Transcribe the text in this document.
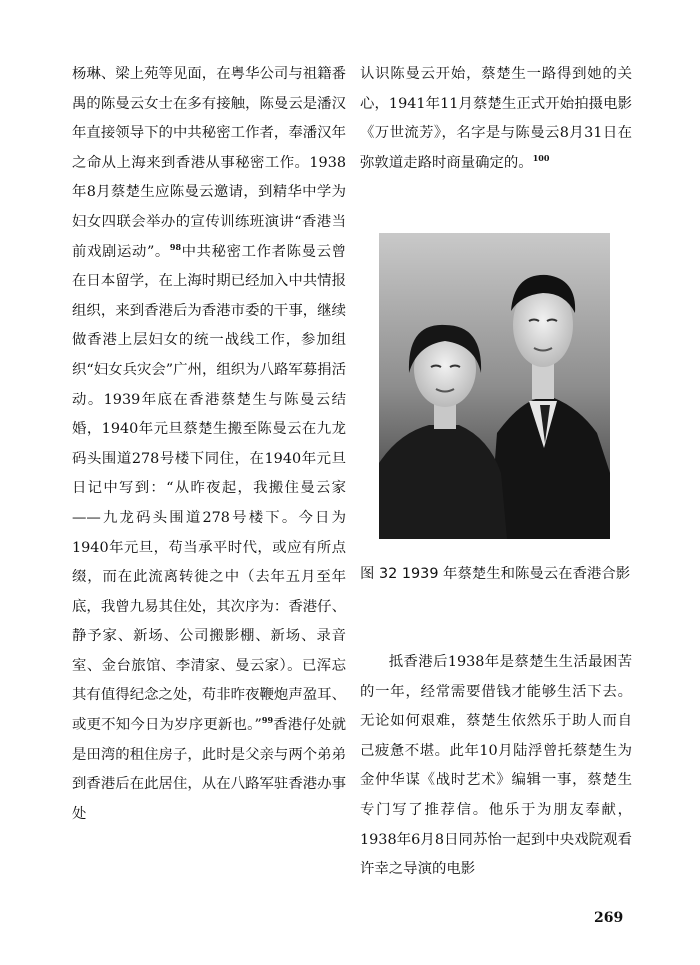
杨琳、梁上苑等见面，在粤华公司与祖籍番禺的陈曼云女士在多有接触，陈曼云是潘汉年直接领导下的中共秘密工作者，奉潘汉年之命从上海来到香港从事秘密工作。1938年8月蔡楚生应陈曼云邀请，到精华中学为妇女四联会举办的宣传训练班演讲“香港当前戏剧运动”。$^{98}$中共秘密工作者陈曼云曾在日本留学，在上海时期已经加入中共情报组织，来到香港后为香港市委的干事，继续做香港上层妇女的统一战线工作，参加组织“妇女兵灾会”广州，组织为八路军募捐活动。1939年底在香港蔡楚生与陈曼云结婚，1940年元旦蔡楚生搬至陈曼云在九龙码头围道278号楼下同住，在1940年元旦日记中写到：“从昨夜起，我搬住曼云家——九龙码头围道278号楼下。今日为1940年元旦，苟当承平时代，或应有所点缀，而在此流离转徙之中（去年五月至年底，我曾九易其住处，其次序为：香港仔、静予家、新场、公司搬影棚、新场、录音室、金台旅馆、李清家、曼云家）。已浑忘其有值得纪念之处，苟非昨夜鞭炮声盈耳、或更不知今日为岁序更新也。”$^{99}$香港仔处就是田湾的租住房子，此时是父亲与两个弟弟到香港后在此居住，从在八路军驻香港办事处

认识陈曼云开始，蔡楚生一路得到她的关心，1941年11月蔡楚生正式开始拍摄电影《万世流芳》，名字是与陈曼云8月31日在弥敦道走路时商量确定的。$^{100}$

图 32 1939 年蔡楚生和陈曼云在香港合影

抵香港后1938年是蔡楚生生活最困苦的一年，经常需要借钱才能够生活下去。无论如何艰难，蔡楚生依然乐于助人而自己疲惫不堪。此年10月陆浮曾托蔡楚生为金仲华谋《战时艺术》编辑一事，蔡楚生专门写了推荐信。他乐于为朋友奉献，1938年6月8日同苏怡一起到中央戏院观看许幸之导演的电影

269
